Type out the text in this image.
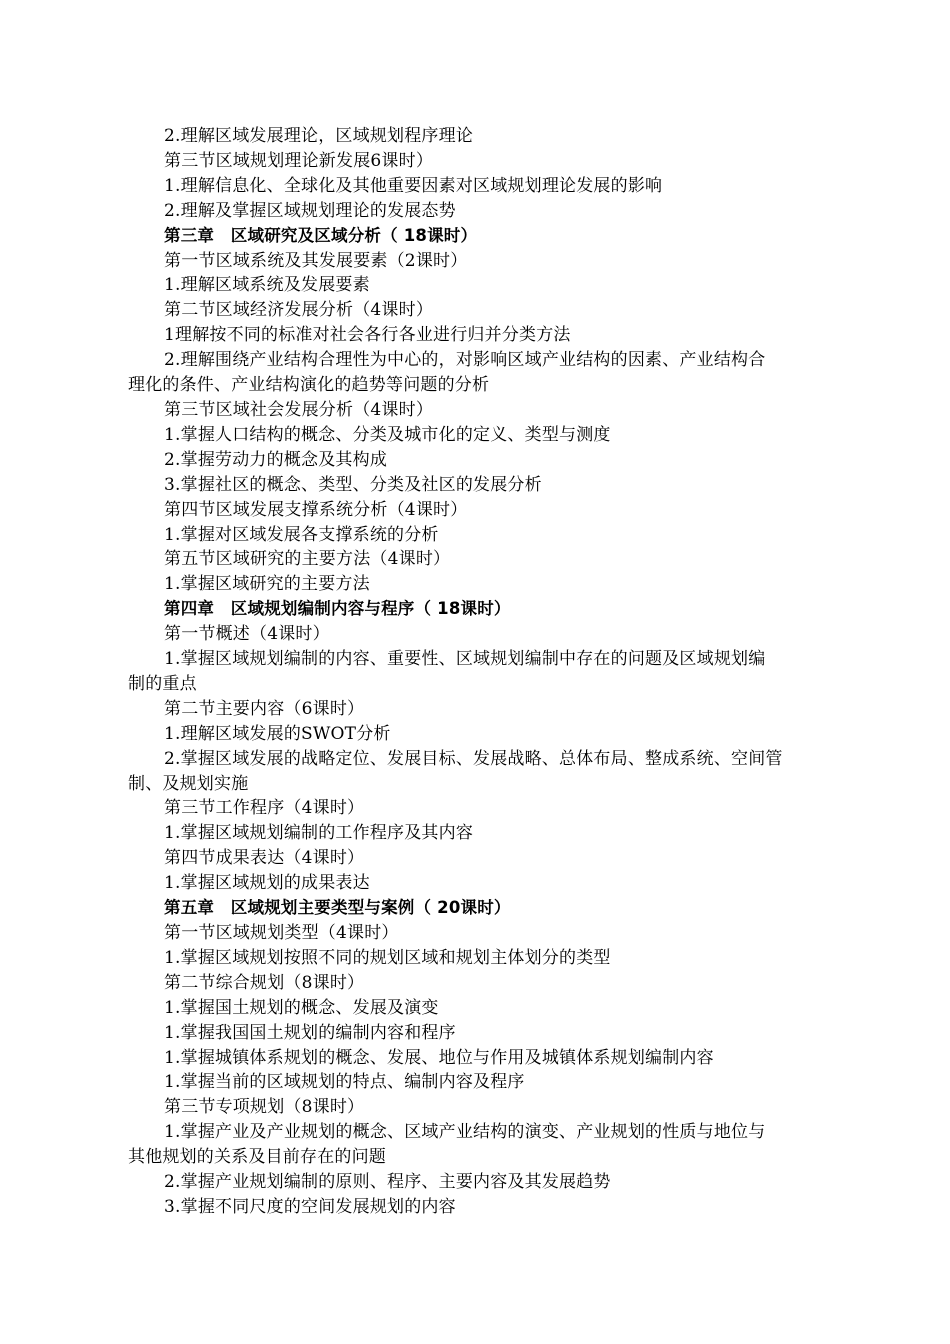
2.理解区域发展理论，区域规划程序理论
第三节区域规划理论新发展6课时）
1.理解信息化、全球化及其他重要因素对区域规划理论发展的影响
2.理解及掌握区域规划理论的发展态势
第三章　区域研究及区域分析（ 18课时）
第一节区域系统及其发展要素（2课时）
1.理解区域系统及发展要素
第二节区域经济发展分析（4课时）
1理解按不同的标准对社会各行各业进行归并分类方法
2.理解围绕产业结构合理性为中心的，对影响区域产业结构的因素、产业结构合
理化的条件、产业结构演化的趋势等问题的分析
第三节区域社会发展分析（4课时）
1.掌握人口结构的概念、分类及城市化的定义、类型与测度
2.掌握劳动力的概念及其构成
3.掌握社区的概念、类型、分类及社区的发展分析
第四节区域发展支撑系统分析（4课时）
1.掌握对区域发展各支撑系统的分析
第五节区域研究的主要方法（4课时）
1.掌握区域研究的主要方法
第四章　区域规划编制内容与程序（ 18课时）
第一节概述（4课时）
1.掌握区域规划编制的内容、重要性、区域规划编制中存在的问题及区域规划编
制的重点
第二节主要内容（6课时）
1.理解区域发展的SWOT分析
2.掌握区域发展的战略定位、发展目标、发展战略、总体布局、整成系统、空间管
制、及规划实施
第三节工作程序（4课时）
1.掌握区域规划编制的工作程序及其内容
第四节成果表达（4课时）
1.掌握区域规划的成果表达
第五章　区域规划主要类型与案例（ 20课时）
第一节区域规划类型（4课时）
1.掌握区域规划按照不同的规划区域和规划主体划分的类型
第二节综合规划（8课时）
1.掌握国土规划的概念、发展及演变
1.掌握我国国土规划的编制内容和程序
1.掌握城镇体系规划的概念、发展、地位与作用及城镇体系规划编制内容
1.掌握当前的区域规划的特点、编制内容及程序
第三节专项规划（8课时）
1.掌握产业及产业规划的概念、区域产业结构的演变、产业规划的性质与地位与
其他规划的关系及目前存在的问题
2.掌握产业规划编制的原则、程序、主要内容及其发展趋势
3.掌握不同尺度的空间发展规划的内容
